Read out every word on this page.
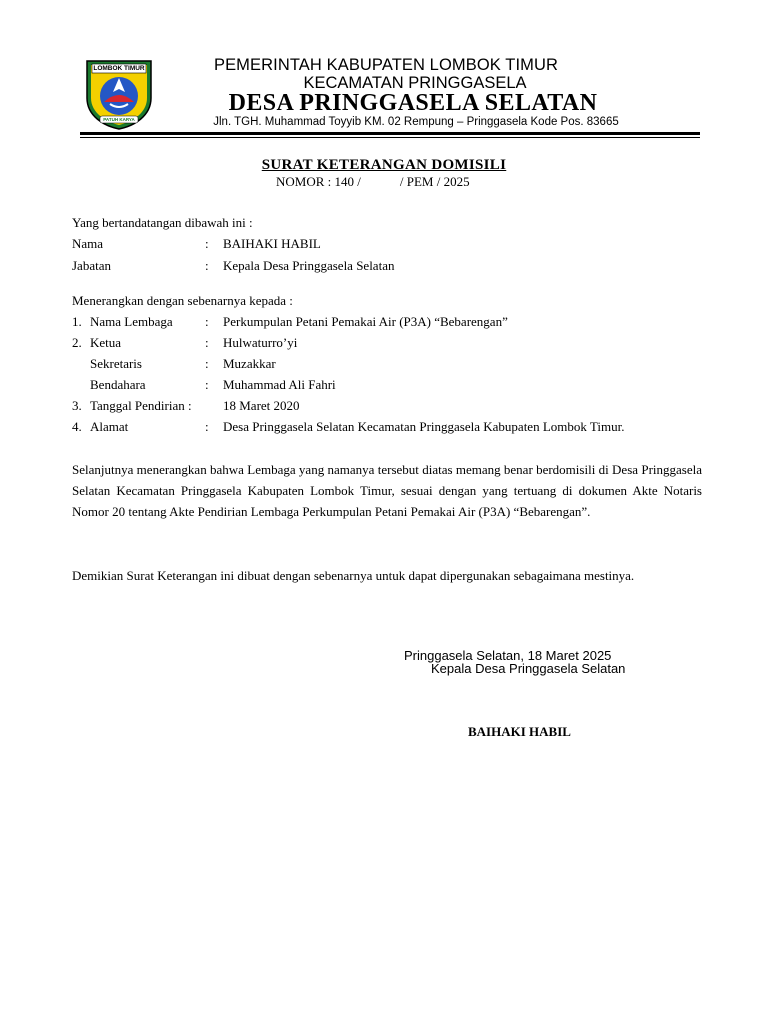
LOMBOK TIMUR
PATUH KARYA
PEMERINTAH KABUPATEN LOMBOK TIMUR
KECAMATAN PRINGGASELA
DESA PRINGGASELA SELATAN
Jln. TGH. Muhammad Toyyib KM. 02 Rempung – Pringgasela Kode Pos. 83665
SURAT KETERANGAN DOMISILI
NOMOR : 140 /            / PEM / 2025
Yang bertandatangan dibawah ini :
Nama	: BAIHAKI HABIL
Jabatan	: Kepala Desa Pringgasela Selatan
Menerangkan dengan sebenarnya kepada :
1. Nama Lembaga : Perkumpulan Petani Pemakai Air (P3A) “Bebarengan”
2. Ketua	: Hulwaturro’yi
Sekretaris	: Muzakkar
Bendahara	: Muhammad Ali Fahri
3. Tanggal Pendirian : 18 Maret 2020
4. Alamat	: Desa Pringgasela Selatan Kecamatan Pringgasela Kabupaten Lombok Timur.
Selanjutnya menerangkan bahwa Lembaga yang namanya tersebut diatas memang benar berdomisili di Desa Pringgasela Selatan Kecamatan Pringgasela Kabupaten Lombok Timur, sesuai dengan yang tertuang di dokumen Akte Notaris Nomor 20 tentang Akte Pendirian Lembaga Perkumpulan Petani Pemakai Air (P3A) “Bebarengan”.
Demikian Surat Keterangan ini dibuat dengan sebenarnya untuk dapat dipergunakan sebagaimana mestinya.
Pringgasela Selatan, 18 Maret 2025
Kepala Desa Pringgasela Selatan
BAIHAKI HABIL
